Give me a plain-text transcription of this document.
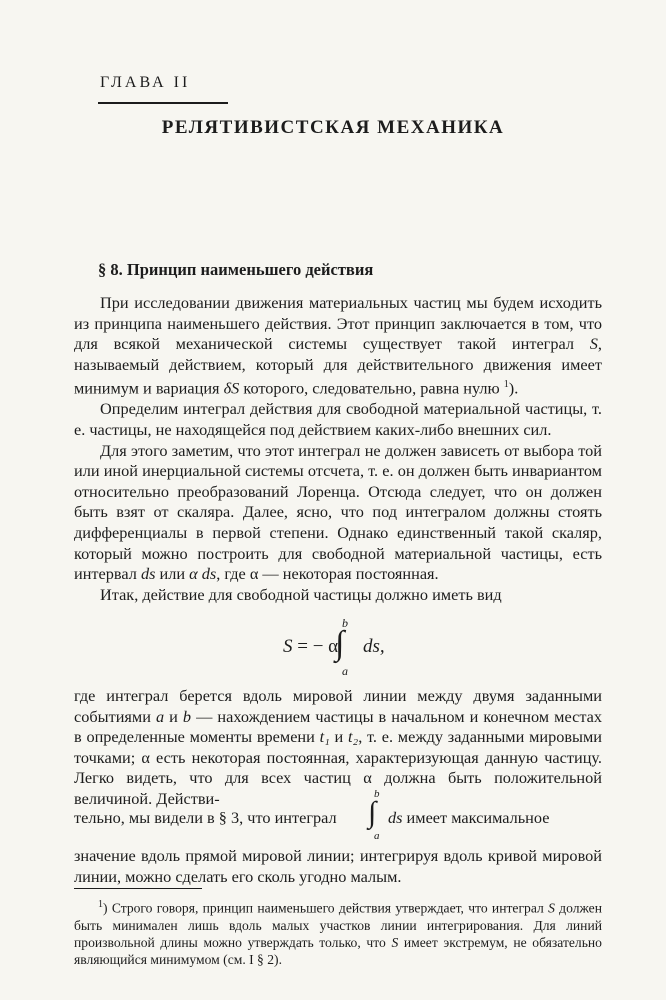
ГЛАВА II
РЕЛЯТИВИСТСКАЯ МЕХАНИКА
§ 8. Принцип наименьшего действия

При исследовании движения материальных частиц мы будем исходить из принципа наименьшего действия. Этот принцип заключается в том, что для всякой механической системы существует такой интеграл S, называемый действием, который для действительного движения имеет минимум и вариация δS которого, следовательно, равна нулю $^1$).

Определим интеграл действия для свободной материальной частицы, т. е. частицы, не находящейся под действием каких-либо внешних сил.

Для этого заметим, что этот интеграл не должен зависеть от выбора той или иной инерциальной системы отсчета, т. е. он должен быть инвариантом относительно преобразований Лоренца. Отсюда следует, что он должен быть взят от скаляра. Далее, ясно, что под интегралом должны стоять дифференциалы в первой степени. Однако единственный такой скаляр, который можно построить для свободной материальной частицы, есть интервал ds или α ds, где α — некоторая постоянная.

Итак, действие для свободной частицы должно иметь вид

S = − α
∫
b
a
ds,

где интеграл берется вдоль мировой линии между двумя заданными событиями a и b — нахождением частицы в начальном и конечном местах в определенные моменты времени t₁ и t₂, т. е. между заданными мировыми точками; α есть некоторая постоянная, характеризующая данную частицу. Легко видеть, что для всех частиц α должна быть положительной величиной. Действи-

тельно, мы видели в § 3, что интеграл ∫
b
a
ds имеет максимальное

значение вдоль прямой мировой линии; интегрируя вдоль кривой мировой линии, можно сделать его сколь угодно малым.

$^1$) Строго говоря, принцип наименьшего действия утверждает, что интеграл S должен быть минимален лишь вдоль малых участков линии интегрирования. Для линий произвольной длины можно утверждать только, что S имеет экстремум, не обязательно являющийся минимумом (см. I § 2).
